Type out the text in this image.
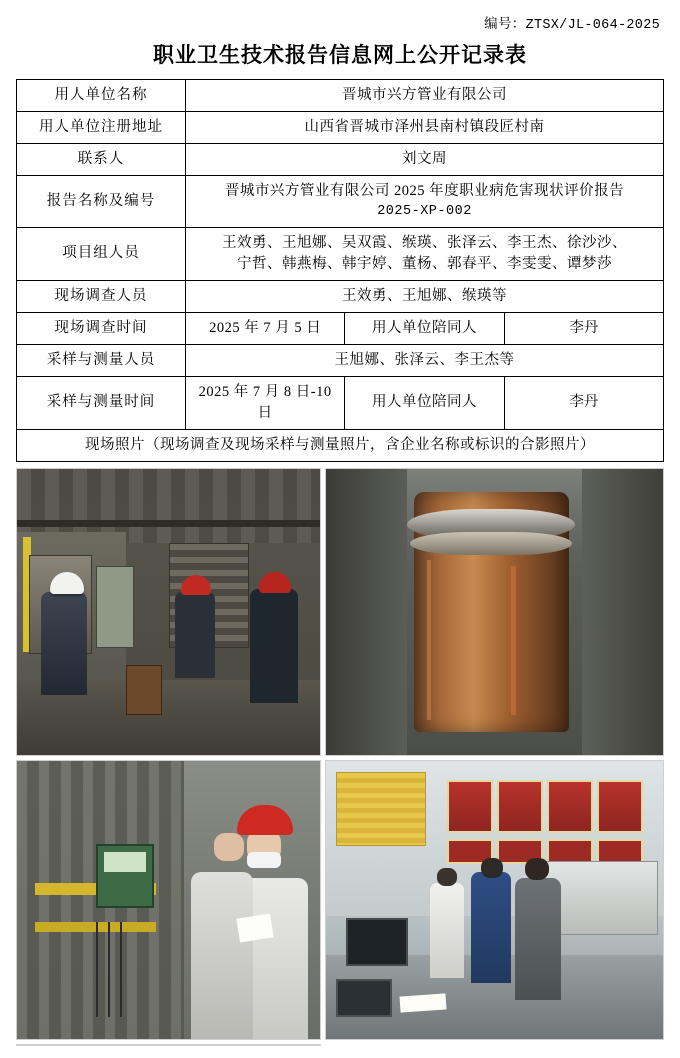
编号：ZTSX/JL-064-2025
职业卫生技术报告信息网上公开记录表
用人单位名称	晋城市兴方管业有限公司		
用人单位注册地址	山西省晋城市泽州县南村镇段匠村南		
联系人	刘文周		
报告名称及编号	晋城市兴方管业有限公司 2025 年度职业病危害现状评价报告
2025-XP-002		

项目组人员	王效勇、王旭娜、吴双霞、缑瑛、张泽云、李王杰、徐沙沙、
宁哲、韩燕梅、韩宇婷、董杨、郭春平、李雯雯、谭梦莎		

现场调查人员	王效勇、王旭娜、缑瑛等		
现场调查时间	2025 年 7 月 5 日	用人单位陪同人	李丹
采样与测量人员	王旭娜、张泽云、李王杰等		
采样与测量时间	2025 年 7 月 8 日-10 日	用人单位陪同人	李丹
现场照片（现场调查及现场采样与测量照片，含企业名称或标识的合影照片）			
